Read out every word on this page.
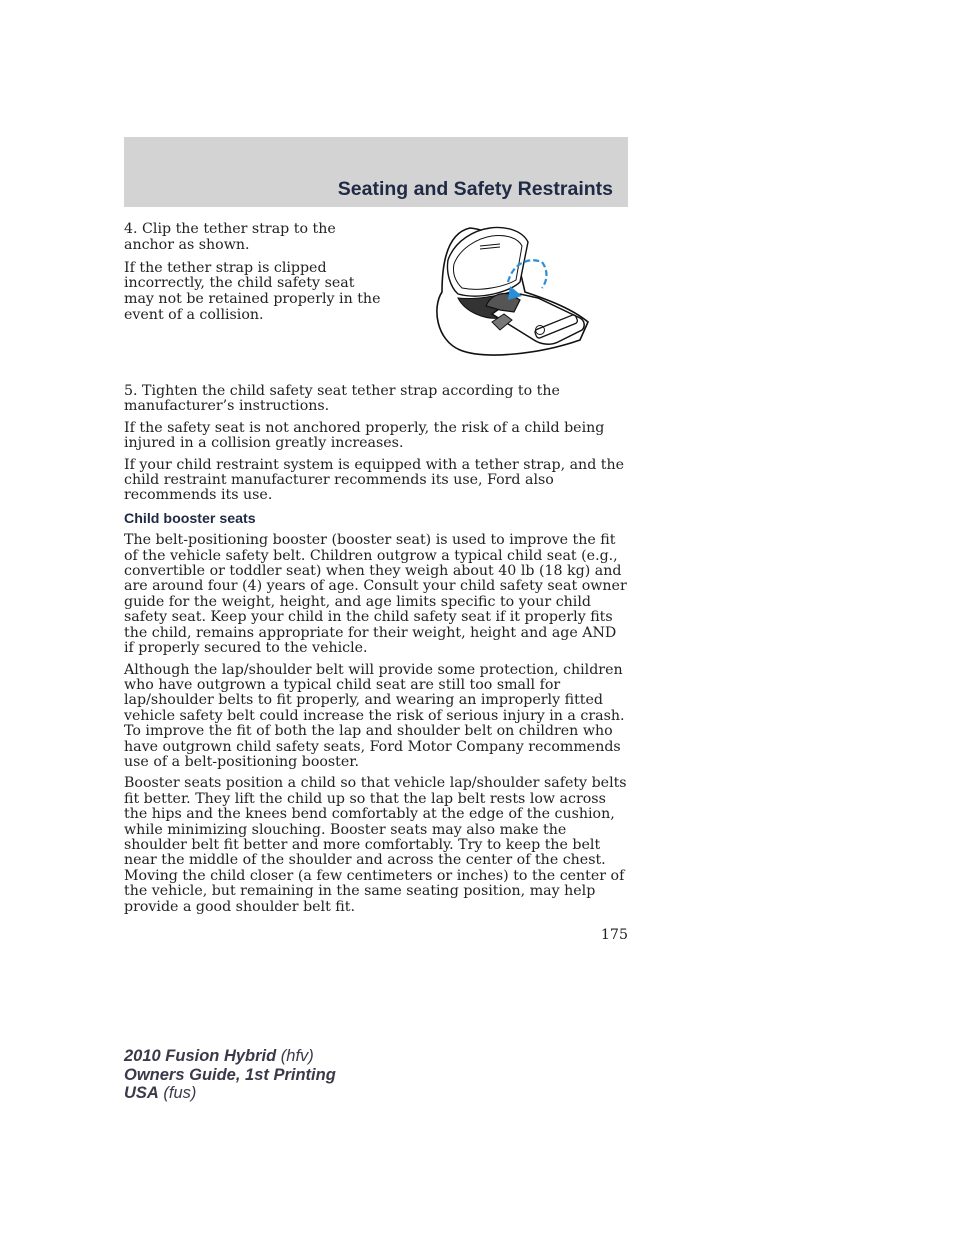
Seating and Safety Restraints

4. Clip the tether strap to the anchor as shown.

If the tether strap is clipped incorrectly, the child safety seat may not be retained properly in the event of a collision.

5. Tighten the child safety seat tether strap according to the manufacturer’s instructions.

If the safety seat is not anchored properly, the risk of a child being injured in a collision greatly increases.

If your child restraint system is equipped with a tether strap, and the child restraint manufacturer recommends its use, Ford also recommends its use.

Child booster seats

The belt-positioning booster (booster seat) is used to improve the fit of the vehicle safety belt. Children outgrow a typical child seat (e.g., convertible or toddler seat) when they weigh about 40 lb (18 kg) and are around four (4) years of age. Consult your child safety seat owner guide for the weight, height, and age limits specific to your child safety seat. Keep your child in the child safety seat if it properly fits the child, remains appropriate for their weight, height and age AND if properly secured to the vehicle.

Although the lap/shoulder belt will provide some protection, children who have outgrown a typical child seat are still too small for lap/shoulder belts to fit properly, and wearing an improperly fitted vehicle safety belt could increase the risk of serious injury in a crash. To improve the fit of both the lap and shoulder belt on children who have outgrown child safety seats, Ford Motor Company recommends use of a belt-positioning booster.

Booster seats position a child so that vehicle lap/shoulder safety belts fit better. They lift the child up so that the lap belt rests low across the hips and the knees bend comfortably at the edge of the cushion, while minimizing slouching. Booster seats may also make the shoulder belt fit better and more comfortably. Try to keep the belt near the middle of the shoulder and across the center of the chest. Moving the child closer (a few centimeters or inches) to the center of the vehicle, but remaining in the same seating position, may help provide a good shoulder belt fit.

175
2010 Fusion Hybrid (hfv)
Owners Guide, 1st Printing
USA (fus)
